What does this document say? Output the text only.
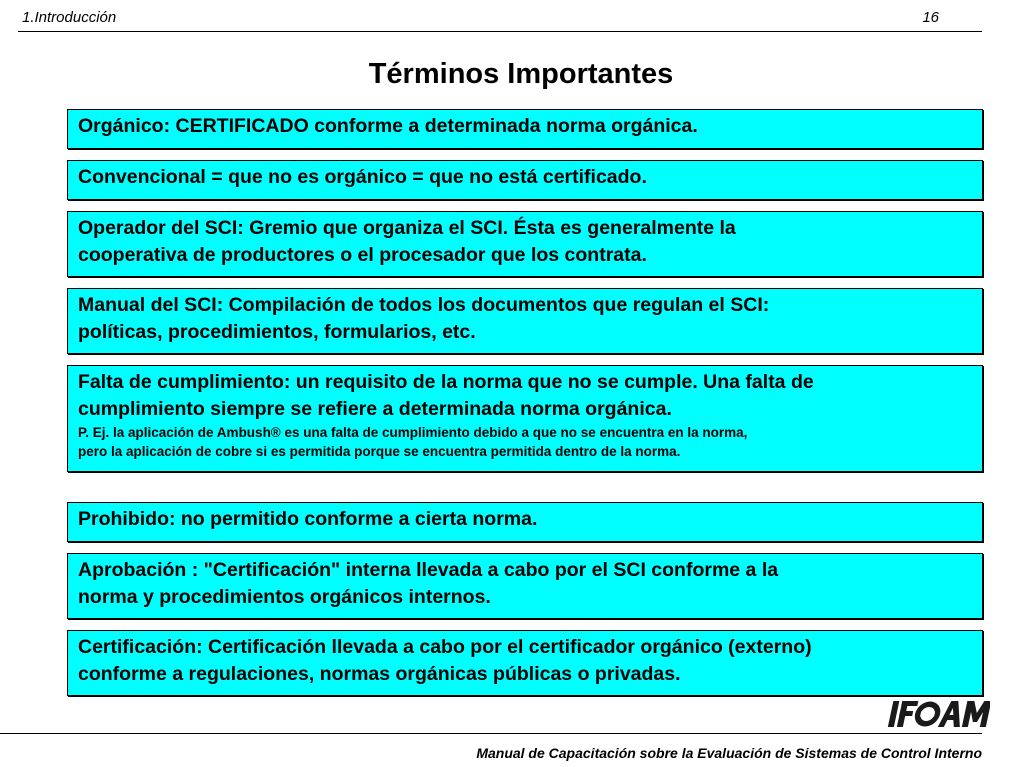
1.Introducción	16
Términos Importantes

Orgánico: CERTIFICADO conforme a determinada norma orgánica.

Convencional = que no es orgánico = que no está certificado.

Operador del SCI: Gremio que organiza el SCI. Ésta es generalmente la

cooperativa de productores o el procesador que los contrata.

Manual del SCI: Compilación de todos los documentos que regulan el SCI:

políticas, procedimientos, formularios, etc.

Falta de cumplimiento: un requisito de la norma que no se cumple. Una falta de

cumplimiento siempre se refiere a determinada norma orgánica.

P. Ej. la aplicación de Ambush® es una falta de cumplimiento debido a que no se encuentra en la norma,

pero la aplicación de cobre si es permitida porque se encuentra permitida dentro de la norma.

Prohibido: no permitido conforme a cierta norma.

Aprobación : "Certificación" interna llevada a cabo por el SCI conforme a la

norma y procedimientos orgánicos internos.

Certificación: Certificación llevada a cabo por el certificador orgánico (externo)

conforme a regulaciones, normas orgánicas públicas o privadas.

Manual de Capacitación sobre la Evaluación de Sistemas de Control Interno
